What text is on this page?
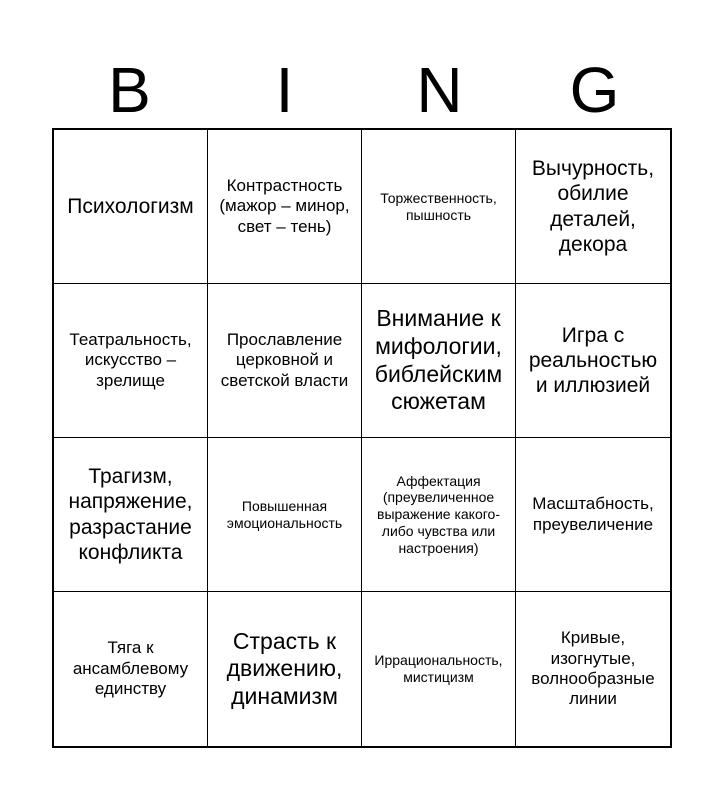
B	I	N	G
Психологизм
Контрастность (мажор – минор, свет – тень)
Торжественность, пышность
Вычурность, обилие деталей, декора
Театральность, искусство – зрелище
Прославление церковной и светской власти
Внимание к мифологии, библейским сюжетам
Игра с реальностью и иллюзией
Трагизм, напряжение, разрастание конфликта
Повышенная эмоциональность
Аффектация (преувеличенное выражение какого-либо чувства или настроения)
Масштабность, преувеличение
Тяга к ансамблевому единству
Страсть к движению, динамизм
Иррациональность, мистицизм
Кривые, изогнутые, волнообразные линии
